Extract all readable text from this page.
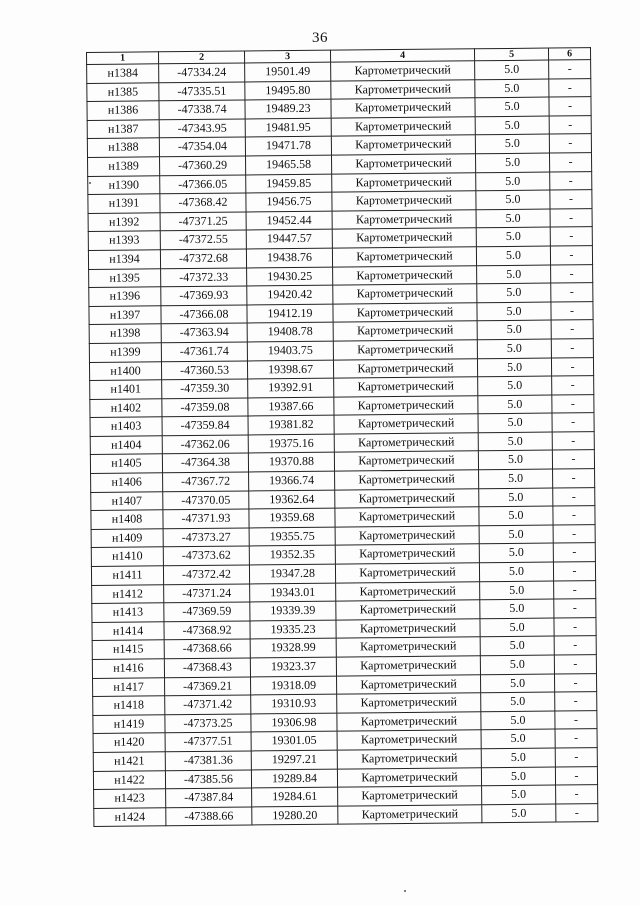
36
1	2	3	4	5	6
н1384	-47334.24	19501.49	Картометрический	5.0	-
н1385	-47335.51	19495.80	Картометрический	5.0	-
н1386	-47338.74	19489.23	Картометрический	5.0	-
н1387	-47343.95	19481.95	Картометрический	5.0	-
н1388	-47354.04	19471.78	Картометрический	5.0	-
н1389	-47360.29	19465.58	Картометрический	5.0	-
н1390	-47366.05	19459.85	Картометрический	5.0	-
н1391	-47368.42	19456.75	Картометрический	5.0	-
н1392	-47371.25	19452.44	Картометрический	5.0	-
н1393	-47372.55	19447.57	Картометрический	5.0	-
н1394	-47372.68	19438.76	Картометрический	5.0	-
н1395	-47372.33	19430.25	Картометрический	5.0	-
н1396	-47369.93	19420.42	Картометрический	5.0	-
н1397	-47366.08	19412.19	Картометрический	5.0	-
н1398	-47363.94	19408.78	Картометрический	5.0	-
н1399	-47361.74	19403.75	Картометрический	5.0	-
н1400	-47360.53	19398.67	Картометрический	5.0	-
н1401	-47359.30	19392.91	Картометрический	5.0	-
н1402	-47359.08	19387.66	Картометрический	5.0	-
н1403	-47359.84	19381.82	Картометрический	5.0	-
н1404	-47362.06	19375.16	Картометрический	5.0	-
н1405	-47364.38	19370.88	Картометрический	5.0	-
н1406	-47367.72	19366.74	Картометрический	5.0	-
н1407	-47370.05	19362.64	Картометрический	5.0	-
н1408	-47371.93	19359.68	Картометрический	5.0	-
н1409	-47373.27	19355.75	Картометрический	5.0	-
н1410	-47373.62	19352.35	Картометрический	5.0	-
н1411	-47372.42	19347.28	Картометрический	5.0	-
н1412	-47371.24	19343.01	Картометрический	5.0	-
н1413	-47369.59	19339.39	Картометрический	5.0	-
н1414	-47368.92	19335.23	Картометрический	5.0	-
н1415	-47368.66	19328.99	Картометрический	5.0	-
н1416	-47368.43	19323.37	Картометрический	5.0	-
н1417	-47369.21	19318.09	Картометрический	5.0	-
н1418	-47371.42	19310.93	Картометрический	5.0	-
н1419	-47373.25	19306.98	Картометрический	5.0	-
н1420	-47377.51	19301.05	Картометрический	5.0	-
н1421	-47381.36	19297.21	Картометрический	5.0	-
н1422	-47385.56	19289.84	Картометрический	5.0	-
н1423	-47387.84	19284.61	Картометрический	5.0	-
н1424	-47388.66	19280.20	Картометрический	5.0	-
